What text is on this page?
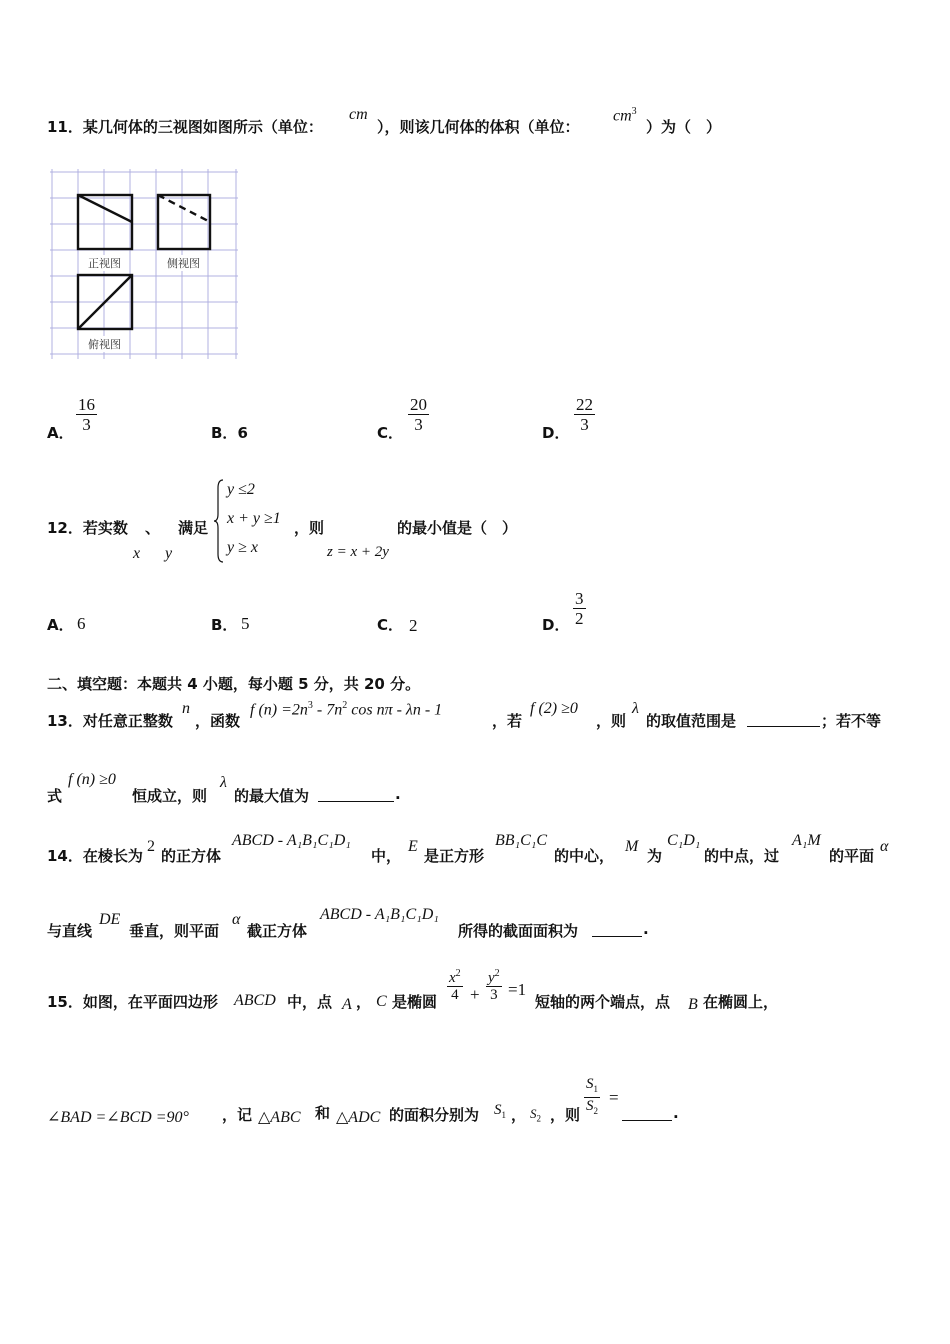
11．某几何体的三视图如图所示（单位：
cm
），则该几何体的体积（单位：
$cm^3$
）为（　）
正视图	侧视图
俯视图
A． $\frac{16}{3}$	B．6	C． $\frac{20}{3}$	D． $\frac{22}{3}$
12．若实数 、
x y
满足
y ≤2
x + y ≥1
y ≥ x
，则
z = x + 2y
的最小值是（　）
A． 6	B． 5	C． 2	D． $\frac{3}{2}$
二、填空题：本题共 4 小题，每小题 5 分，共 20 分。
13．对任意正整数
n
，函数
f $(n) =2n^3 - 7n^2$ cos nπ - λn - 1
，若
f (2) ≥0
，则
λ
的取值范围是	；若不等
式
f (n) ≥0
恒成立，则
λ
的最大值为	.
14．在棱长为
2
的正方体
ABCD - A₁B₁C₁D₁
中，
E
是正方形
BB₁C₁C
的中心，
M
为
C₁D₁
的中点，过
A₁M
的平面
α
与直线
DE
垂直，则平面
α
截正方体
ABCD - A₁B₁C₁D₁
所得的截面面积为	.
15．如图，在平面四边形 ABCD 中，点 A ， C 是椭圆 $\frac{x^2}{4} + \frac{y^2}{3} =1$
短轴的两个端点，点 B 在椭圆上，
∠BAD =∠BCD =90° ，记 △ABC 和 △ADC 的面积分别为 $S_1$ ， $S_2$ ，则 $\frac{S_1}{S_2}$ =
.
